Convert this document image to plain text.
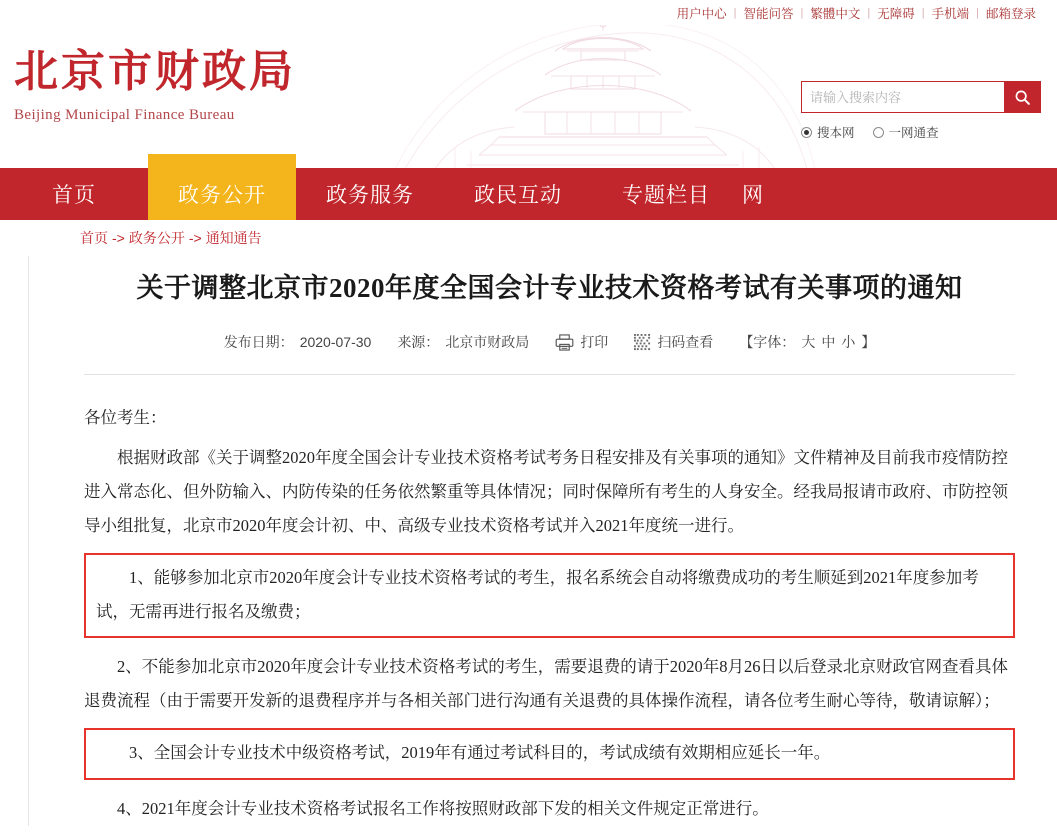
用户中心 | 智能问答 | 繁體中文 | 无障碍 | 手机端 | 邮箱登录
北京市财政局
Beijing Municipal Finance Bureau
请输入搜索内容
搜本网	一网通查
首页	政务公开	政务服务	政民互动	专题栏目	网
首页 -> 政务公开 -> 通知通告
关于调整北京市2020年度全国会计专业技术资格考试有关事项的通知
发布日期： 2020-07-30 来源： 北京市财政局	打印	扫码查看 【字体： 大 中 小 】

各位考生：

根据财政部《关于调整2020年度全国会计专业技术资格考试考务日程安排及有关事项的通知》文件精神及目前我市疫情防控进入常态化、但外防输入、内防传染的任务依然繁重等具体情况；同时保障所有考生的人身安全。经我局报请市政府、市防控领导小组批复，北京市2020年度会计初、中、高级专业技术资格考试并入2021年度统一进行。

1、能够参加北京市2020年度会计专业技术资格考试的考生，报名系统会自动将缴费成功的考生顺延到2021年度参加考试，无需再进行报名及缴费；

2、不能参加北京市2020年度会计专业技术资格考试的考生，需要退费的请于2020年8月26日以后登录北京财政官网查看具体退费流程（由于需要开发新的退费程序并与各相关部门进行沟通有关退费的具体操作流程，请各位考生耐心等待，敬请谅解）；

3、全国会计专业技术中级资格考试，2019年有通过考试科目的，考试成绩有效期相应延长一年。

4、2021年度会计专业技术资格考试报名工作将按照财政部下发的相关文件规定正常进行。
